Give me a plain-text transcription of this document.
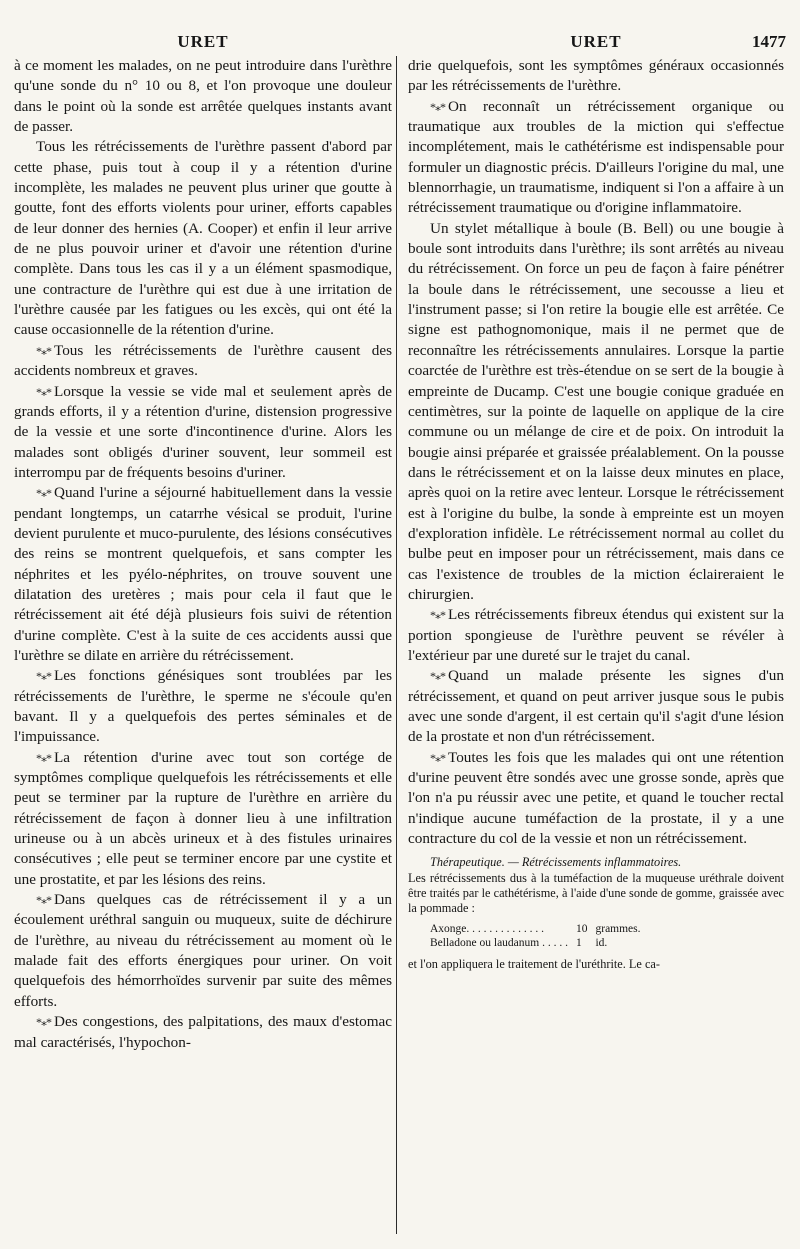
URET

à ce moment les malades, on ne peut introduire dans l'urèthre qu'une sonde du n° 10 ou 8, et l'on provoque une douleur dans le point où la sonde est arrêtée quelques instants avant de passer.

Tous les rétrécissements de l'urèthre passent d'abord par cette phase, puis tout à coup il y a rétention d'urine incomplète, les malades ne peuvent plus uriner que goutte à goutte, font des efforts violents pour uriner, efforts capables de leur donner des hernies (A. Cooper) et enfin il leur arrive de ne plus pouvoir uriner et d'avoir une rétention d'urine complète. Dans tous les cas il y a un élément spasmodique, une contracture de l'urèthre qui est due à une irritation de l'urèthre causée par les fatigues ou les excès, qui ont été la cause occasionnelle de la rétention d'urine.

*⁎* Tous les rétrécissements de l'urèthre causent des accidents nombreux et graves.

*⁎* Lorsque la vessie se vide mal et seulement après de grands efforts, il y a rétention d'urine, distension progressive de la vessie et une sorte d'incontinence d'urine. Alors les malades sont obligés d'uriner souvent, leur sommeil est interrompu par de fréquents besoins d'uriner.

*⁎* Quand l'urine a séjourné habituellement dans la vessie pendant longtemps, un catarrhe vésical se produit, l'urine devient purulente et muco-purulente, des lésions consécutives des reins se montrent quelquefois, et sans compter les néphrites et les pyélo-néphrites, on trouve souvent une dilatation des uretères ; mais pour cela il faut que le rétrécissement ait été déjà plusieurs fois suivi de rétention d'urine complète. C'est à la suite de ces accidents aussi que l'urèthre se dilate en arrière du rétrécissement.

*⁎* Les fonctions génésiques sont troublées par les rétrécissements de l'urèthre, le sperme ne s'écoule qu'en bavant. Il y a quelquefois des pertes séminales et de l'impuissance.

*⁎* La rétention d'urine avec tout son cortége de symptômes complique quelquefois les rétrécissements et elle peut se terminer par la rupture de l'urèthre en arrière du rétrécissement de façon à donner lieu à une infiltration urineuse ou à un abcès urineux et à des fistules urinaires consécutives ; elle peut se terminer encore par une cystite et une prostatite, et par les lésions des reins.

*⁎* Dans quelques cas de rétrécissement il y a un écoulement uréthral sanguin ou muqueux, suite de déchirure de l'urèthre, au niveau du rétrécissement au moment où le malade fait des efforts énergiques pour uriner. On voit quelquefois des hémorrhoïdes survenir par suite des mêmes efforts.

*⁎* Des congestions, des palpitations, des maux d'estomac mal caractérisés, l'hypochon-

URET

drie quelquefois, sont les symptômes généraux occasionnés par les rétrécissements de l'urèthre.

*⁎* On reconnaît un rétrécissement organique ou traumatique aux troubles de la miction qui s'effectue incomplétement, mais le cathétérisme est indispensable pour formuler un diagnostic précis. D'ailleurs l'origine du mal, une blennorrhagie, un traumatisme, indiquent si l'on a affaire à un rétrécissement traumatique ou d'origine inflammatoire.

Un stylet métallique à boule (B. Bell) ou une bougie à boule sont introduits dans l'urèthre; ils sont arrêtés au niveau du rétrécissement. On force un peu de façon à faire pénétrer la boule dans le rétrécissement, une secousse a lieu et l'instrument passe; si l'on retire la bougie elle est arrêtée. Ce signe est pathognomonique, mais il ne permet que de reconnaître les rétrécissements annulaires. Lorsque la partie coarctée de l'urèthre est très-étendue on se sert de la bougie à empreinte de Ducamp. C'est une bougie conique graduée en centimètres, sur la pointe de laquelle on applique de la cire commune ou un mélange de cire et de poix. On introduit la bougie ainsi préparée et graissée préalablement. On la pousse dans le rétrécissement et on la laisse deux minutes en place, après quoi on la retire avec lenteur. Lorsque le rétrécissement est à l'origine du bulbe, la sonde à empreinte est un moyen d'exploration infidèle. Le rétrécissement normal au collet du bulbe peut en imposer pour un rétrécissement, mais dans ce cas l'existence de troubles de la miction éclaireraient le chirurgien.

*⁎* Les rétrécissements fibreux étendus qui existent sur la portion spongieuse de l'urèthre peuvent se révéler à l'extérieur par une dureté sur le trajet du canal.

*⁎* Quand un malade présente les signes d'un rétrécissement, et quand on peut arriver jusque sous le pubis avec une sonde d'argent, il est certain qu'il s'agit d'une lésion de la prostate et non d'un rétrécissement.

*⁎* Toutes les fois que les malades qui ont une rétention d'urine peuvent être sondés avec une grosse sonde, après que l'on n'a pu réussir avec une petite, et quand le toucher rectal n'indique aucune tuméfaction de la prostate, il y a une contracture du col de la vessie et non un rétrécissement.

Thérapeutique. — Rétrécissements inflammatoires.

Les rétrécissements dus à la tuméfaction de la muqueuse uréthrale doivent être traités par le cathétérisme, à l'aide d'une sonde de gomme, graissée avec la pommade :

Axonge. . . . . . . . . . . . . .	10	grammes.
Belladone ou laudanum . . . . .	1	id.

et l'on appliquera le traitement de l'uréthrite. Le ca-

1477
